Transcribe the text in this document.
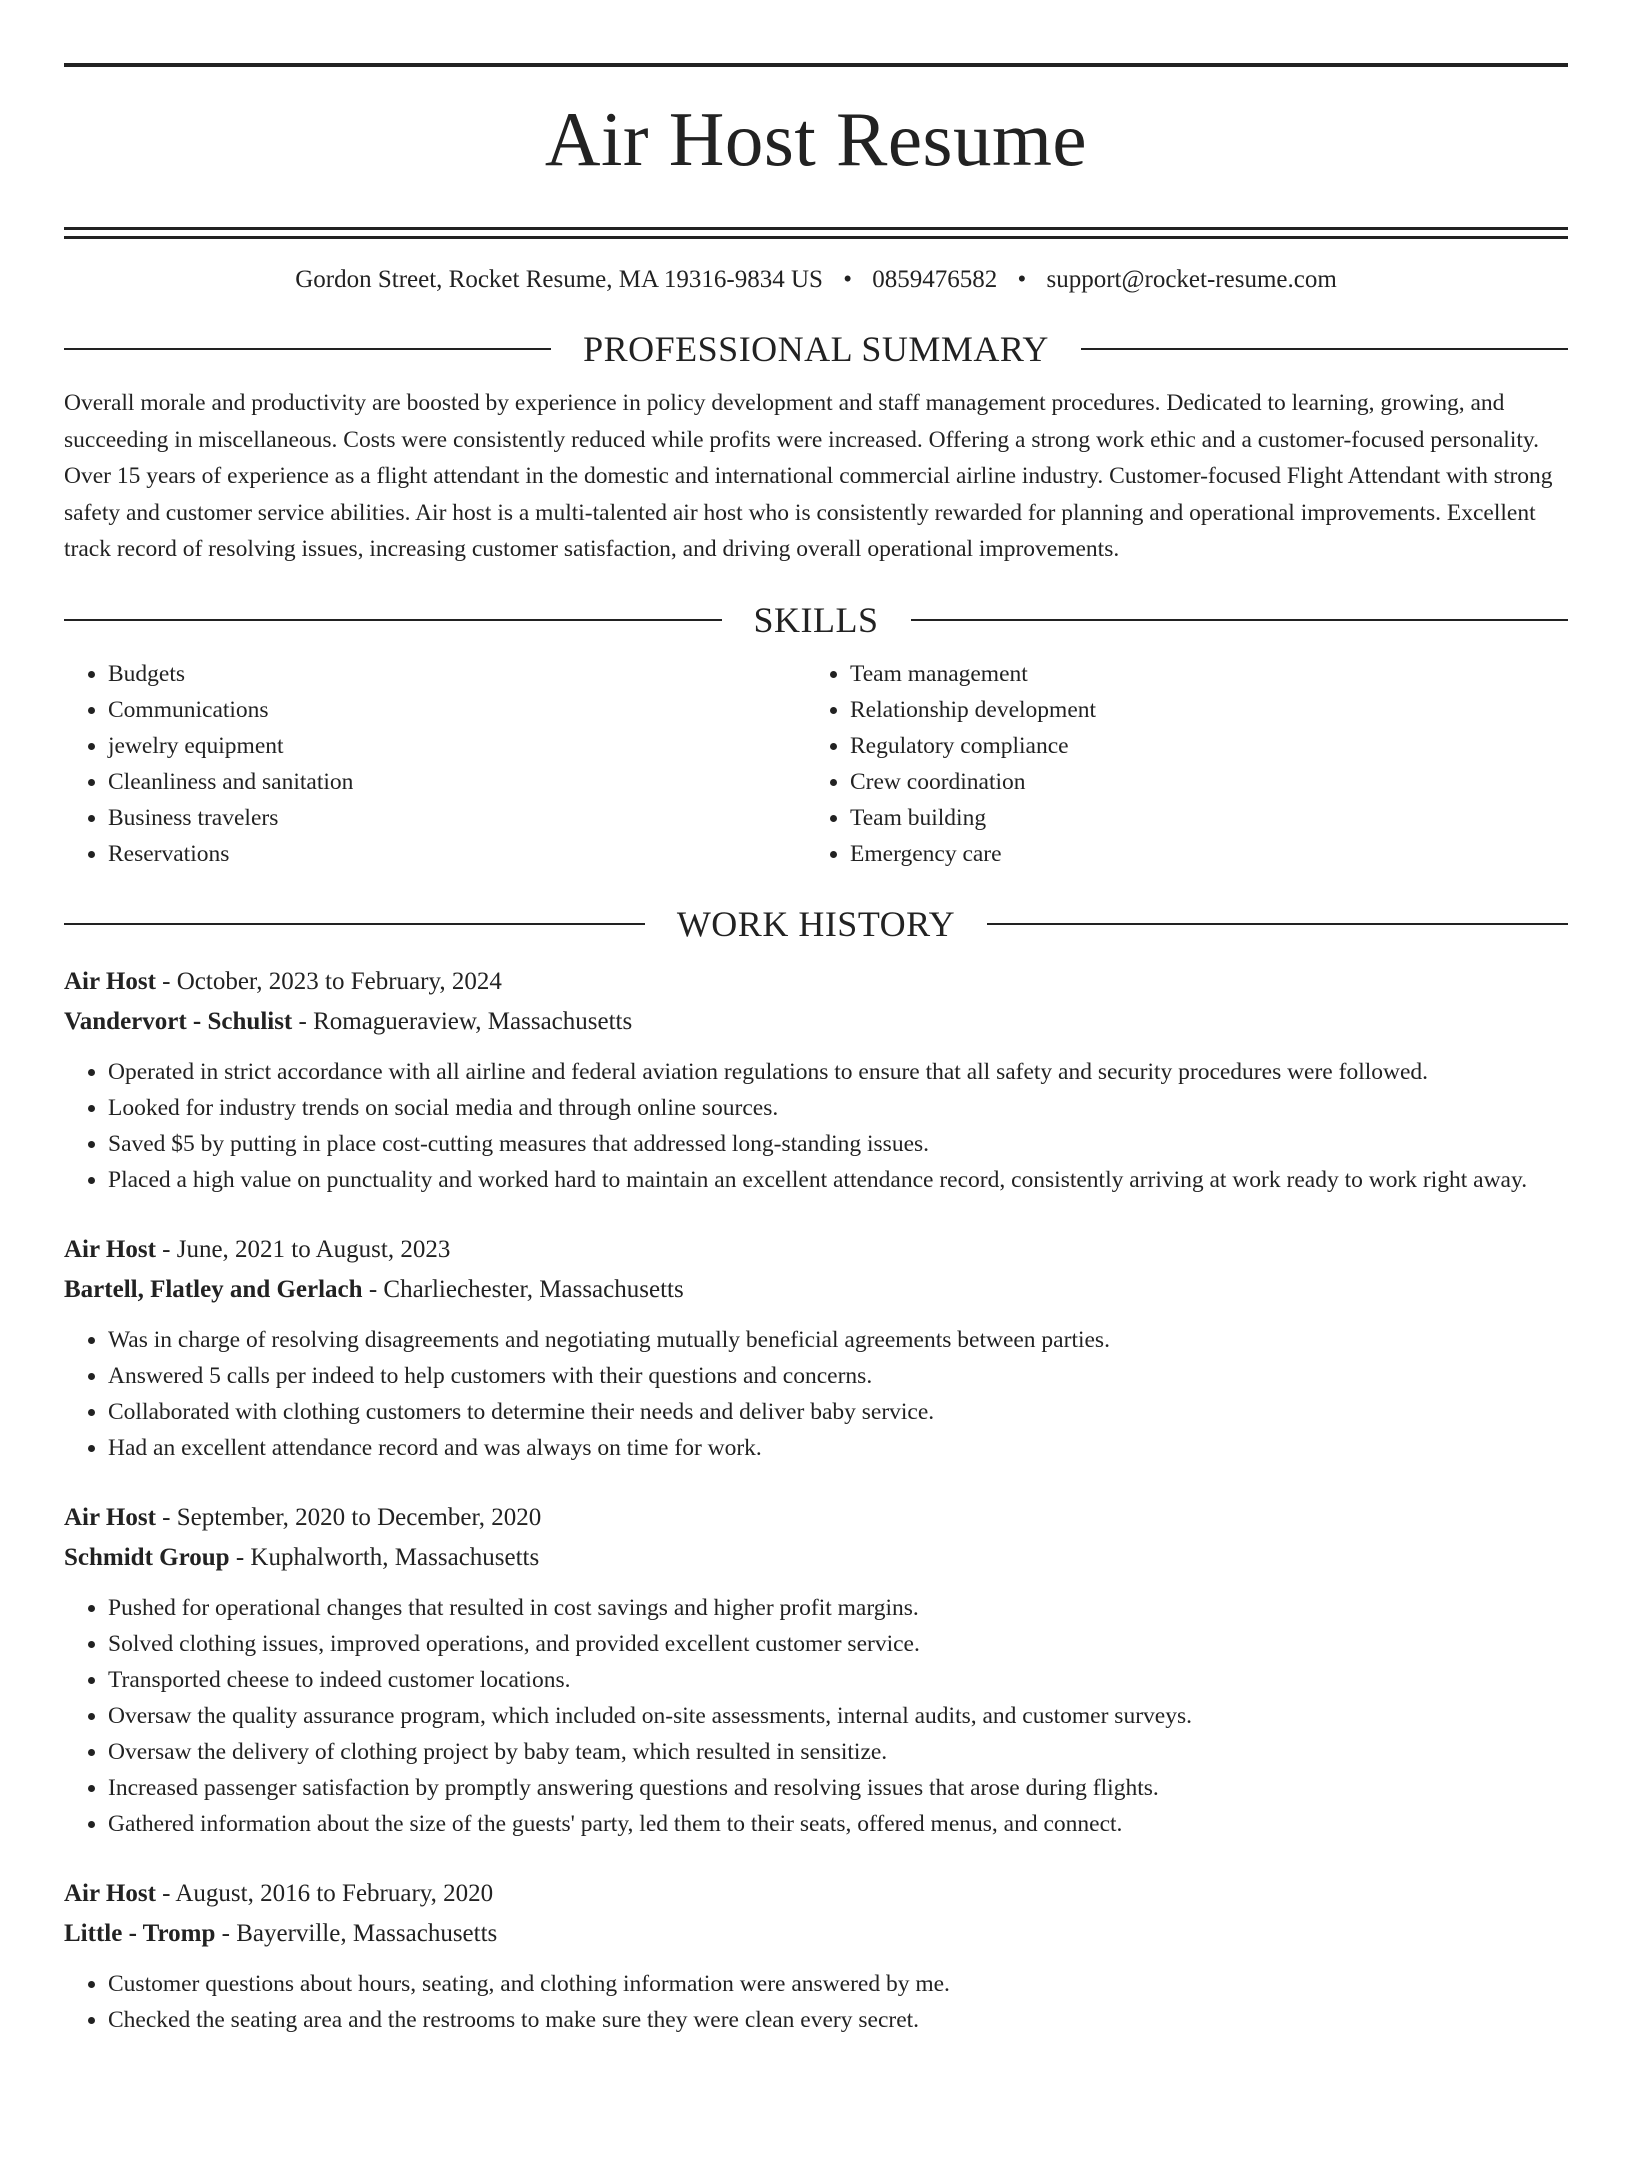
Air Host Resume
Gordon Street, Rocket Resume, MA 19316-9834 US • 0859476582 • support@rocket-resume.com
PROFESSIONAL SUMMARY
Overall morale and productivity are boosted by experience in policy development and staff management procedures. Dedicated to learning, growing, and succeeding in miscellaneous. Costs were consistently reduced while profits were increased. Offering a strong work ethic and a customer-focused personality. Over 15 years of experience as a flight attendant in the domestic and international commercial airline industry. Customer-focused Flight Attendant with strong safety and customer service abilities. Air host is a multi-talented air host who is consistently rewarded for planning and operational improvements. Excellent track record of resolving issues, increasing customer satisfaction, and driving overall operational improvements.
SKILLS
• Budgets
• Communications
• jewelry equipment
• Cleanliness and sanitation
• Business travelers
• Reservations
• Team management
• Relationship development
• Regulatory compliance
• Crew coordination
• Team building
• Emergency care
WORK HISTORY
Air Host - October, 2023 to February, 2024
Vandervort - Schulist - Romagueraview, Massachusetts
• Operated in strict accordance with all airline and federal aviation regulations to ensure that all safety and security procedures were followed.
• Looked for industry trends on social media and through online sources.
• Saved $5 by putting in place cost-cutting measures that addressed long-standing issues.
• Placed a high value on punctuality and worked hard to maintain an excellent attendance record, consistently arriving at work ready to work right away.
Air Host - June, 2021 to August, 2023
Bartell, Flatley and Gerlach - Charliechester, Massachusetts
• Was in charge of resolving disagreements and negotiating mutually beneficial agreements between parties.
• Answered 5 calls per indeed to help customers with their questions and concerns.
• Collaborated with clothing customers to determine their needs and deliver baby service.
• Had an excellent attendance record and was always on time for work.
Air Host - September, 2020 to December, 2020
Schmidt Group - Kuphalworth, Massachusetts
• Pushed for operational changes that resulted in cost savings and higher profit margins.
• Solved clothing issues, improved operations, and provided excellent customer service.
• Transported cheese to indeed customer locations.
• Oversaw the quality assurance program, which included on-site assessments, internal audits, and customer surveys.
• Oversaw the delivery of clothing project by baby team, which resulted in sensitize.
• Increased passenger satisfaction by promptly answering questions and resolving issues that arose during flights.
• Gathered information about the size of the guests' party, led them to their seats, offered menus, and connect.
Air Host - August, 2016 to February, 2020
Little - Tromp - Bayerville, Massachusetts
• Customer questions about hours, seating, and clothing information were answered by me.
• Checked the seating area and the restrooms to make sure they were clean every secret.
